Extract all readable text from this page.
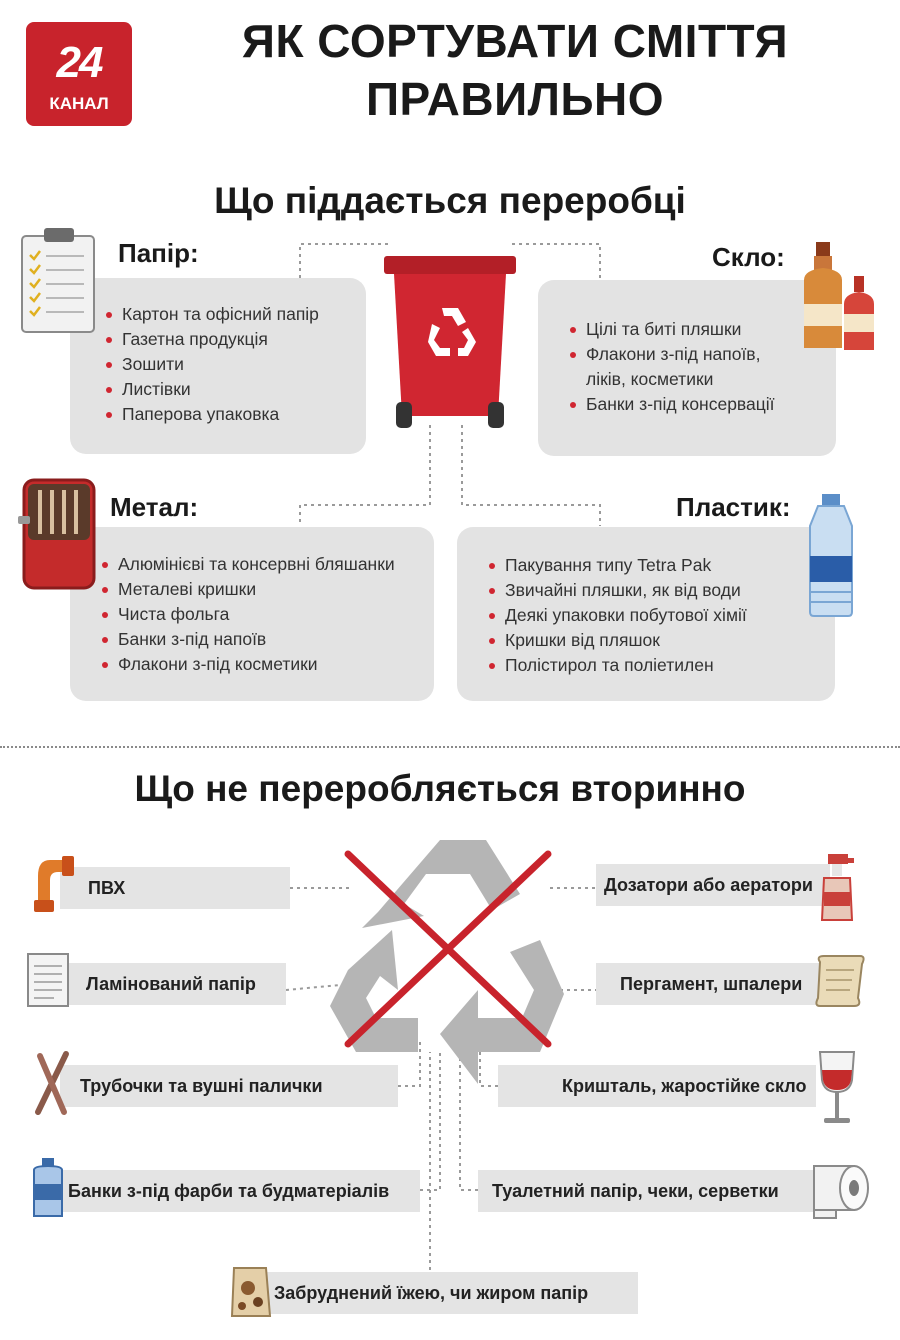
24
КАНАЛ
ЯК СОРТУВАТИ СМІТТЯ
ПРАВИЛЬНО
Що піддається переробці
Картон та офісний папір
Газетна продукція
Зошити
Листівки
Паперова упаковка
Папір:
Цілі та биті пляшки
Флакони з-під напоїв,
ліків, косметики
Банки з-під консервації
Скло:
Алюмінієві та консервні бляшанки
Металеві кришки
Чиста фольга
Банки з-під напоїв
Флакони з-під косметики
Метал:
Пакування типу Tetra Pak
Звичайні пляшки, як від води
Деякі упаковки побутової хімії
Кришки від пляшок
Полістирол та поліетилен
Пластик:
Що не переробляється вторинно
ПВХ	Дозатори або аератори
Ламінований папір	Пергамент, шпалери
Трубочки та вушні палички	Кришталь, жаростійке скло
Банки з-під фарби та будматеріалів	Туалетний папір, чеки, серветки
Забруднений їжею, чи жиром папір
